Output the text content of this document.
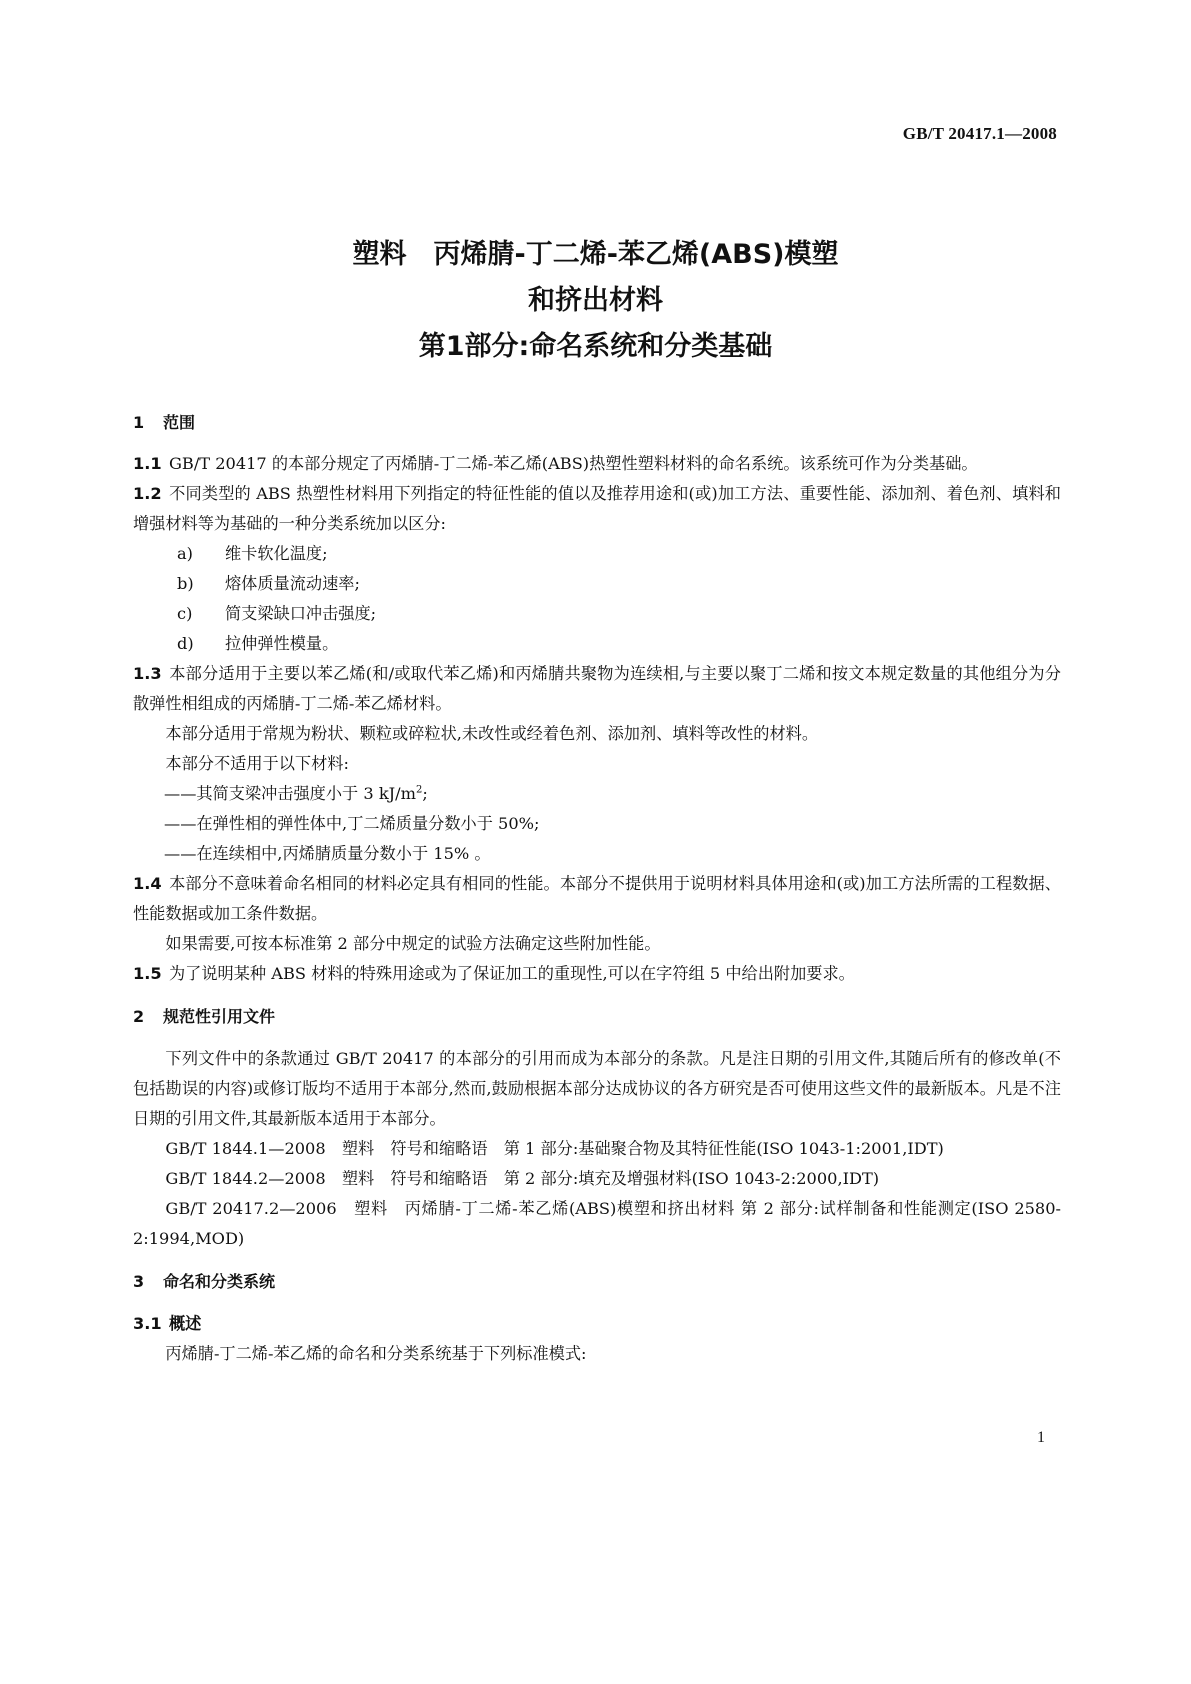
GB/T 20417.1—2008
塑料　丙烯腈-丁二烯-苯乙烯(ABS)模塑
和挤出材料
第1部分:命名系统和分类基础
1 范围
1.1 GB/T 20417 的本部分规定了丙烯腈-丁二烯-苯乙烯(ABS)热塑性塑料材料的命名系统。该系统可作为分类基础。
1.2 不同类型的 ABS 热塑性材料用下列指定的特征性能的值以及推荐用途和(或)加工方法、重要性能、添加剂、着色剂、填料和增强材料等为基础的一种分类系统加以区分:
a) 维卡软化温度;
b) 熔体质量流动速率;
c) 简支梁缺口冲击强度;
d) 拉伸弹性模量。
1.3 本部分适用于主要以苯乙烯(和/或取代苯乙烯)和丙烯腈共聚物为连续相,与主要以聚丁二烯和按文本规定数量的其他组分为分散弹性相组成的丙烯腈-丁二烯-苯乙烯材料。
本部分适用于常规为粉状、颗粒或碎粒状,未改性或经着色剂、添加剂、填料等改性的材料。
本部分不适用于以下材料:
——其简支梁冲击强度小于 3 $kJ/m^2$;
——在弹性相的弹性体中,丁二烯质量分数小于 50%;
——在连续相中,丙烯腈质量分数小于 15% 。
1.4 本部分不意味着命名相同的材料必定具有相同的性能。本部分不提供用于说明材料具体用途和(或)加工方法所需的工程数据、性能数据或加工条件数据。
如果需要,可按本标准第 2 部分中规定的试验方法确定这些附加性能。
1.5 为了说明某种 ABS 材料的特殊用途或为了保证加工的重现性,可以在字符组 5 中给出附加要求。
2 规范性引用文件
下列文件中的条款通过 GB/T 20417 的本部分的引用而成为本部分的条款。凡是注日期的引用文件,其随后所有的修改单(不包括勘误的内容)或修订版均不适用于本部分,然而,鼓励根据本部分达成协议的各方研究是否可使用这些文件的最新版本。凡是不注日期的引用文件,其最新版本适用于本部分。
GB/T 1844.1—2008　塑料　符号和缩略语　第 1 部分:基础聚合物及其特征性能(ISO 1043-1:2001,IDT)
GB/T 1844.2—2008　塑料　符号和缩略语　第 2 部分:填充及增强材料(ISO 1043-2:2000,IDT)
GB/T 20417.2—2006　塑料　丙烯腈-丁二烯-苯乙烯(ABS)模塑和挤出材料 第 2 部分:试样制备和性能测定(ISO 2580-2:1994,MOD)
3 命名和分类系统
3.1 概述
丙烯腈-丁二烯-苯乙烯的命名和分类系统基于下列标准模式:
1
